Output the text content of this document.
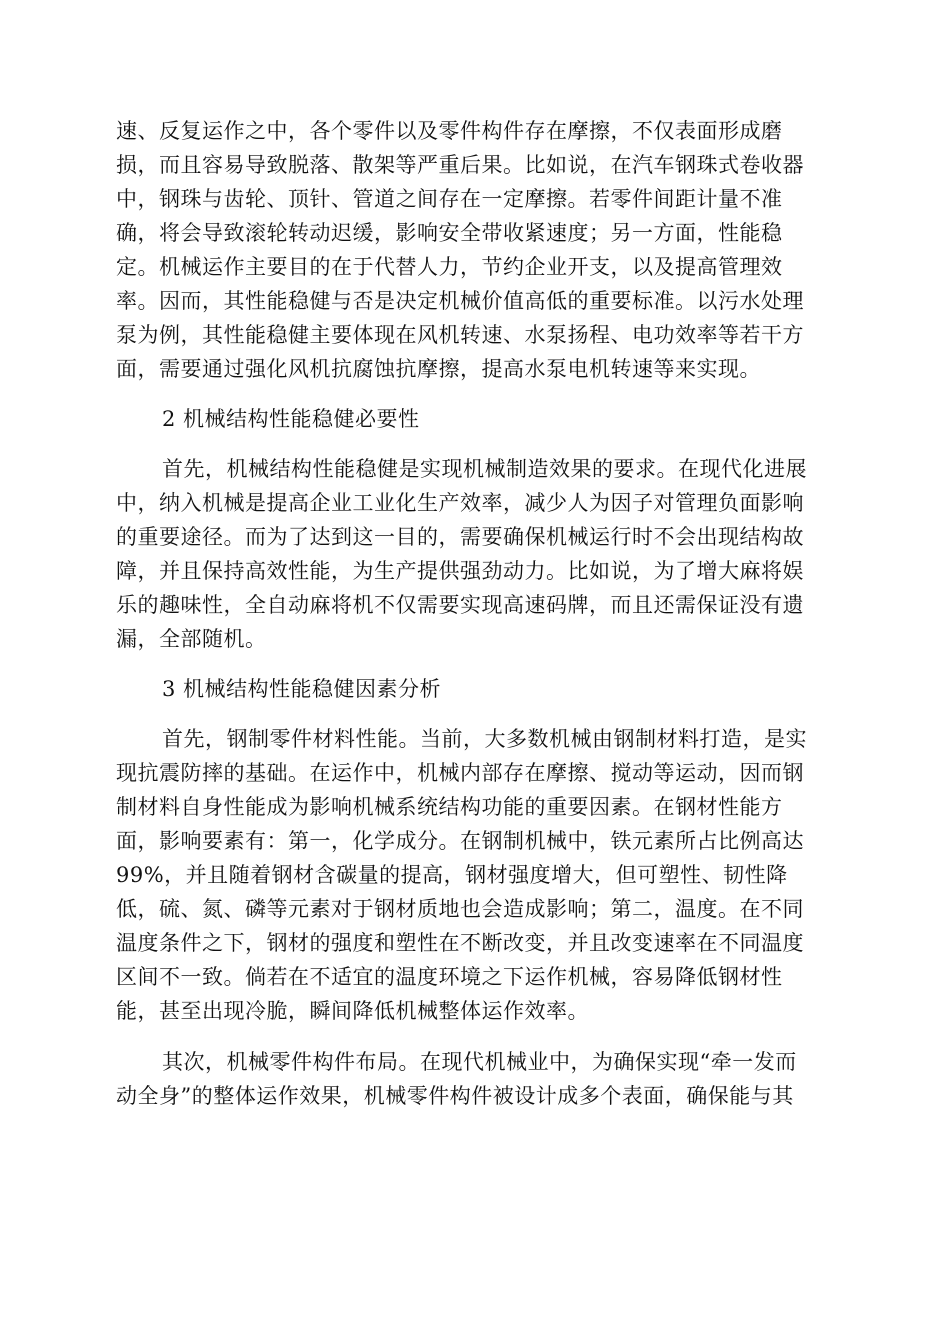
速、反复运作之中，各个零件以及零件构件存在摩擦，不仅表面形成磨
损，而且容易导致脱落、散架等严重后果。比如说，在汽车钢珠式卷收器
中，钢珠与齿轮、顶针、管道之间存在一定摩擦。若零件间距计量不准
确，将会导致滚轮转动迟缓，影响安全带收紧速度；另一方面，性能稳
定。机械运作主要目的在于代替人力，节约企业开支，以及提高管理效
率。因而，其性能稳健与否是决定机械价值高低的重要标准。以污水处理
泵为例，其性能稳健主要体现在风机转速、水泵扬程、电功效率等若干方
面，需要通过强化风机抗腐蚀抗摩擦，提高水泵电机转速等来实现。
2 机械结构性能稳健必要性
首先，机械结构性能稳健是实现机械制造效果的要求。在现代化进展
中，纳入机械是提高企业工业化生产效率，减少人为因子对管理负面影响
的重要途径。而为了达到这一目的，需要确保机械运行时不会出现结构故
障，并且保持高效性能，为生产提供强劲动力。比如说，为了增大麻将娱
乐的趣味性，全自动麻将机不仅需要实现高速码牌，而且还需保证没有遗
漏，全部随机。
3 机械结构性能稳健因素分析
首先，钢制零件材料性能。当前，大多数机械由钢制材料打造，是实
现抗震防摔的基础。在运作中，机械内部存在摩擦、搅动等运动，因而钢
制材料自身性能成为影响机械系统结构功能的重要因素。在钢材性能方
面，影响要素有：第一，化学成分。在钢制机械中，铁元素所占比例高达
99%，并且随着钢材含碳量的提高，钢材强度增大，但可塑性、韧性降
低，硫、氮、磷等元素对于钢材质地也会造成影响；第二，温度。在不同
温度条件之下，钢材的强度和塑性在不断改变，并且改变速率在不同温度
区间不一致。倘若在不适宜的温度环境之下运作机械，容易降低钢材性
能，甚至出现冷脆，瞬间降低机械整体运作效率。
其次，机械零件构件布局。在现代机械业中，为确保实现“牵一发而
动全身”的整体运作效果，机械零件构件被设计成多个表面，确保能与其
